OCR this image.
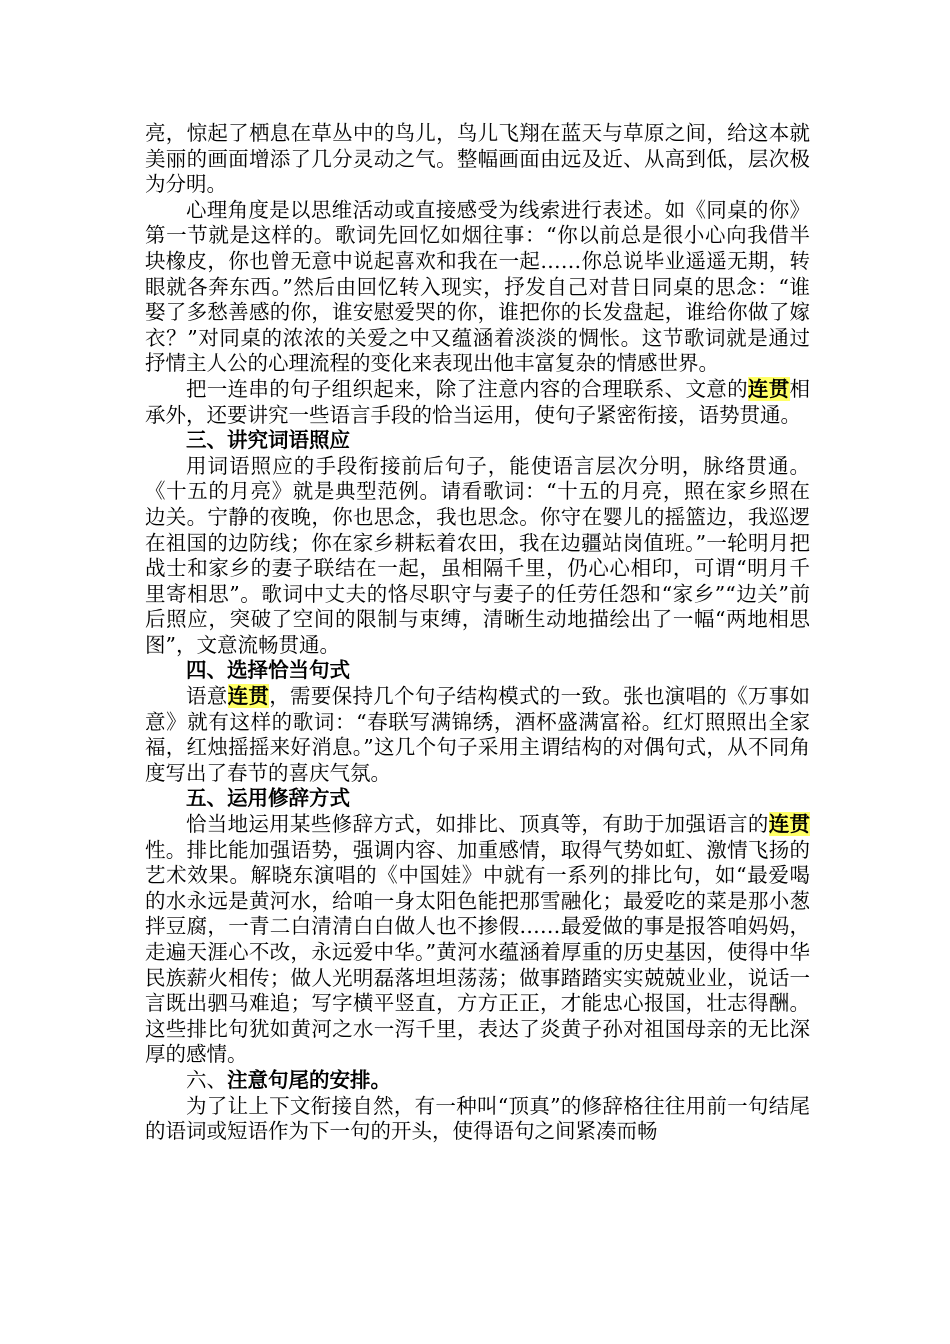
亮，惊起了栖息在草丛中的鸟儿，鸟儿飞翔在蓝天与草原之间，给这本就美丽的画面增添了几分灵动之气。整幅画面由远及近、从高到低，层次极为分明。

心理角度是以思维活动或直接感受为线索进行表述。如《同桌的你》第一节就是这样的。歌词先回忆如烟往事：“你以前总是很小心向我借半块橡皮，你也曾无意中说起喜欢和我在一起……你总说毕业遥遥无期，转眼就各奔东西。”然后由回忆转入现实，抒发自己对昔日同桌的思念：“谁娶了多愁善感的你，谁安慰爱哭的你，谁把你的长发盘起，谁给你做了嫁衣？”对同桌的浓浓的关爱之中又蕴涵着淡淡的惆怅。这节歌词就是通过抒情主人公的心理流程的变化来表现出他丰富复杂的情感世界。

把一连串的句子组织起来，除了注意内容的合理联系、文意的连贯相承外，还要讲究一些语言手段的恰当运用，使句子紧密衔接，语势贯通。

三、讲究词语照应

用词语照应的手段衔接前后句子，能使语言层次分明，脉络贯通。《十五的月亮》就是典型范例。请看歌词：“十五的月亮，照在家乡照在边关。宁静的夜晚，你也思念，我也思念。你守在婴儿的摇篮边，我巡逻在祖国的边防线；你在家乡耕耘着农田，我在边疆站岗值班。”一轮明月把战士和家乡的妻子联结在一起，虽相隔千里，仍心心相印，可谓“明月千里寄相思”。歌词中丈夫的恪尽职守与妻子的任劳任怨和“家乡”“边关”前后照应，突破了空间的限制与束缚，清晰生动地描绘出了一幅“两地相思图”，文意流畅贯通。

四、选择恰当句式

语意连贯，需要保持几个句子结构模式的一致。张也演唱的《万事如意》就有这样的歌词：“春联写满锦绣，酒杯盛满富裕。红灯照照出全家福，红烛摇摇来好消息。”这几个句子采用主谓结构的对偶句式，从不同角度写出了春节的喜庆气氛。

五、运用修辞方式

恰当地运用某些修辞方式，如排比、顶真等，有助于加强语言的连贯性。排比能加强语势，强调内容、加重感情，取得气势如虹、激情飞扬的艺术效果。解晓东演唱的《中国娃》中就有一系列的排比句，如“最爱喝的水永远是黄河水，给咱一身太阳色能把那雪融化；最爱吃的菜是那小葱拌豆腐，一青二白清清白白做人也不掺假……最爱做的事是报答咱妈妈，走遍天涯心不改，永远爱中华。”黄河水蕴涵着厚重的历史基因，使得中华民族薪火相传；做人光明磊落坦坦荡荡；做事踏踏实实兢兢业业，说话一言既出驷马难追；写字横平竖直，方方正正，才能忠心报国，壮志得酬。这些排比句犹如黄河之水一泻千里，表达了炎黄子孙对祖国母亲的无比深厚的感情。

六、注意句尾的安排。

为了让上下文衔接自然，有一种叫“顶真”的修辞格往往用前一句结尾的语词或短语作为下一句的开头，使得语句之间紧凑而畅
